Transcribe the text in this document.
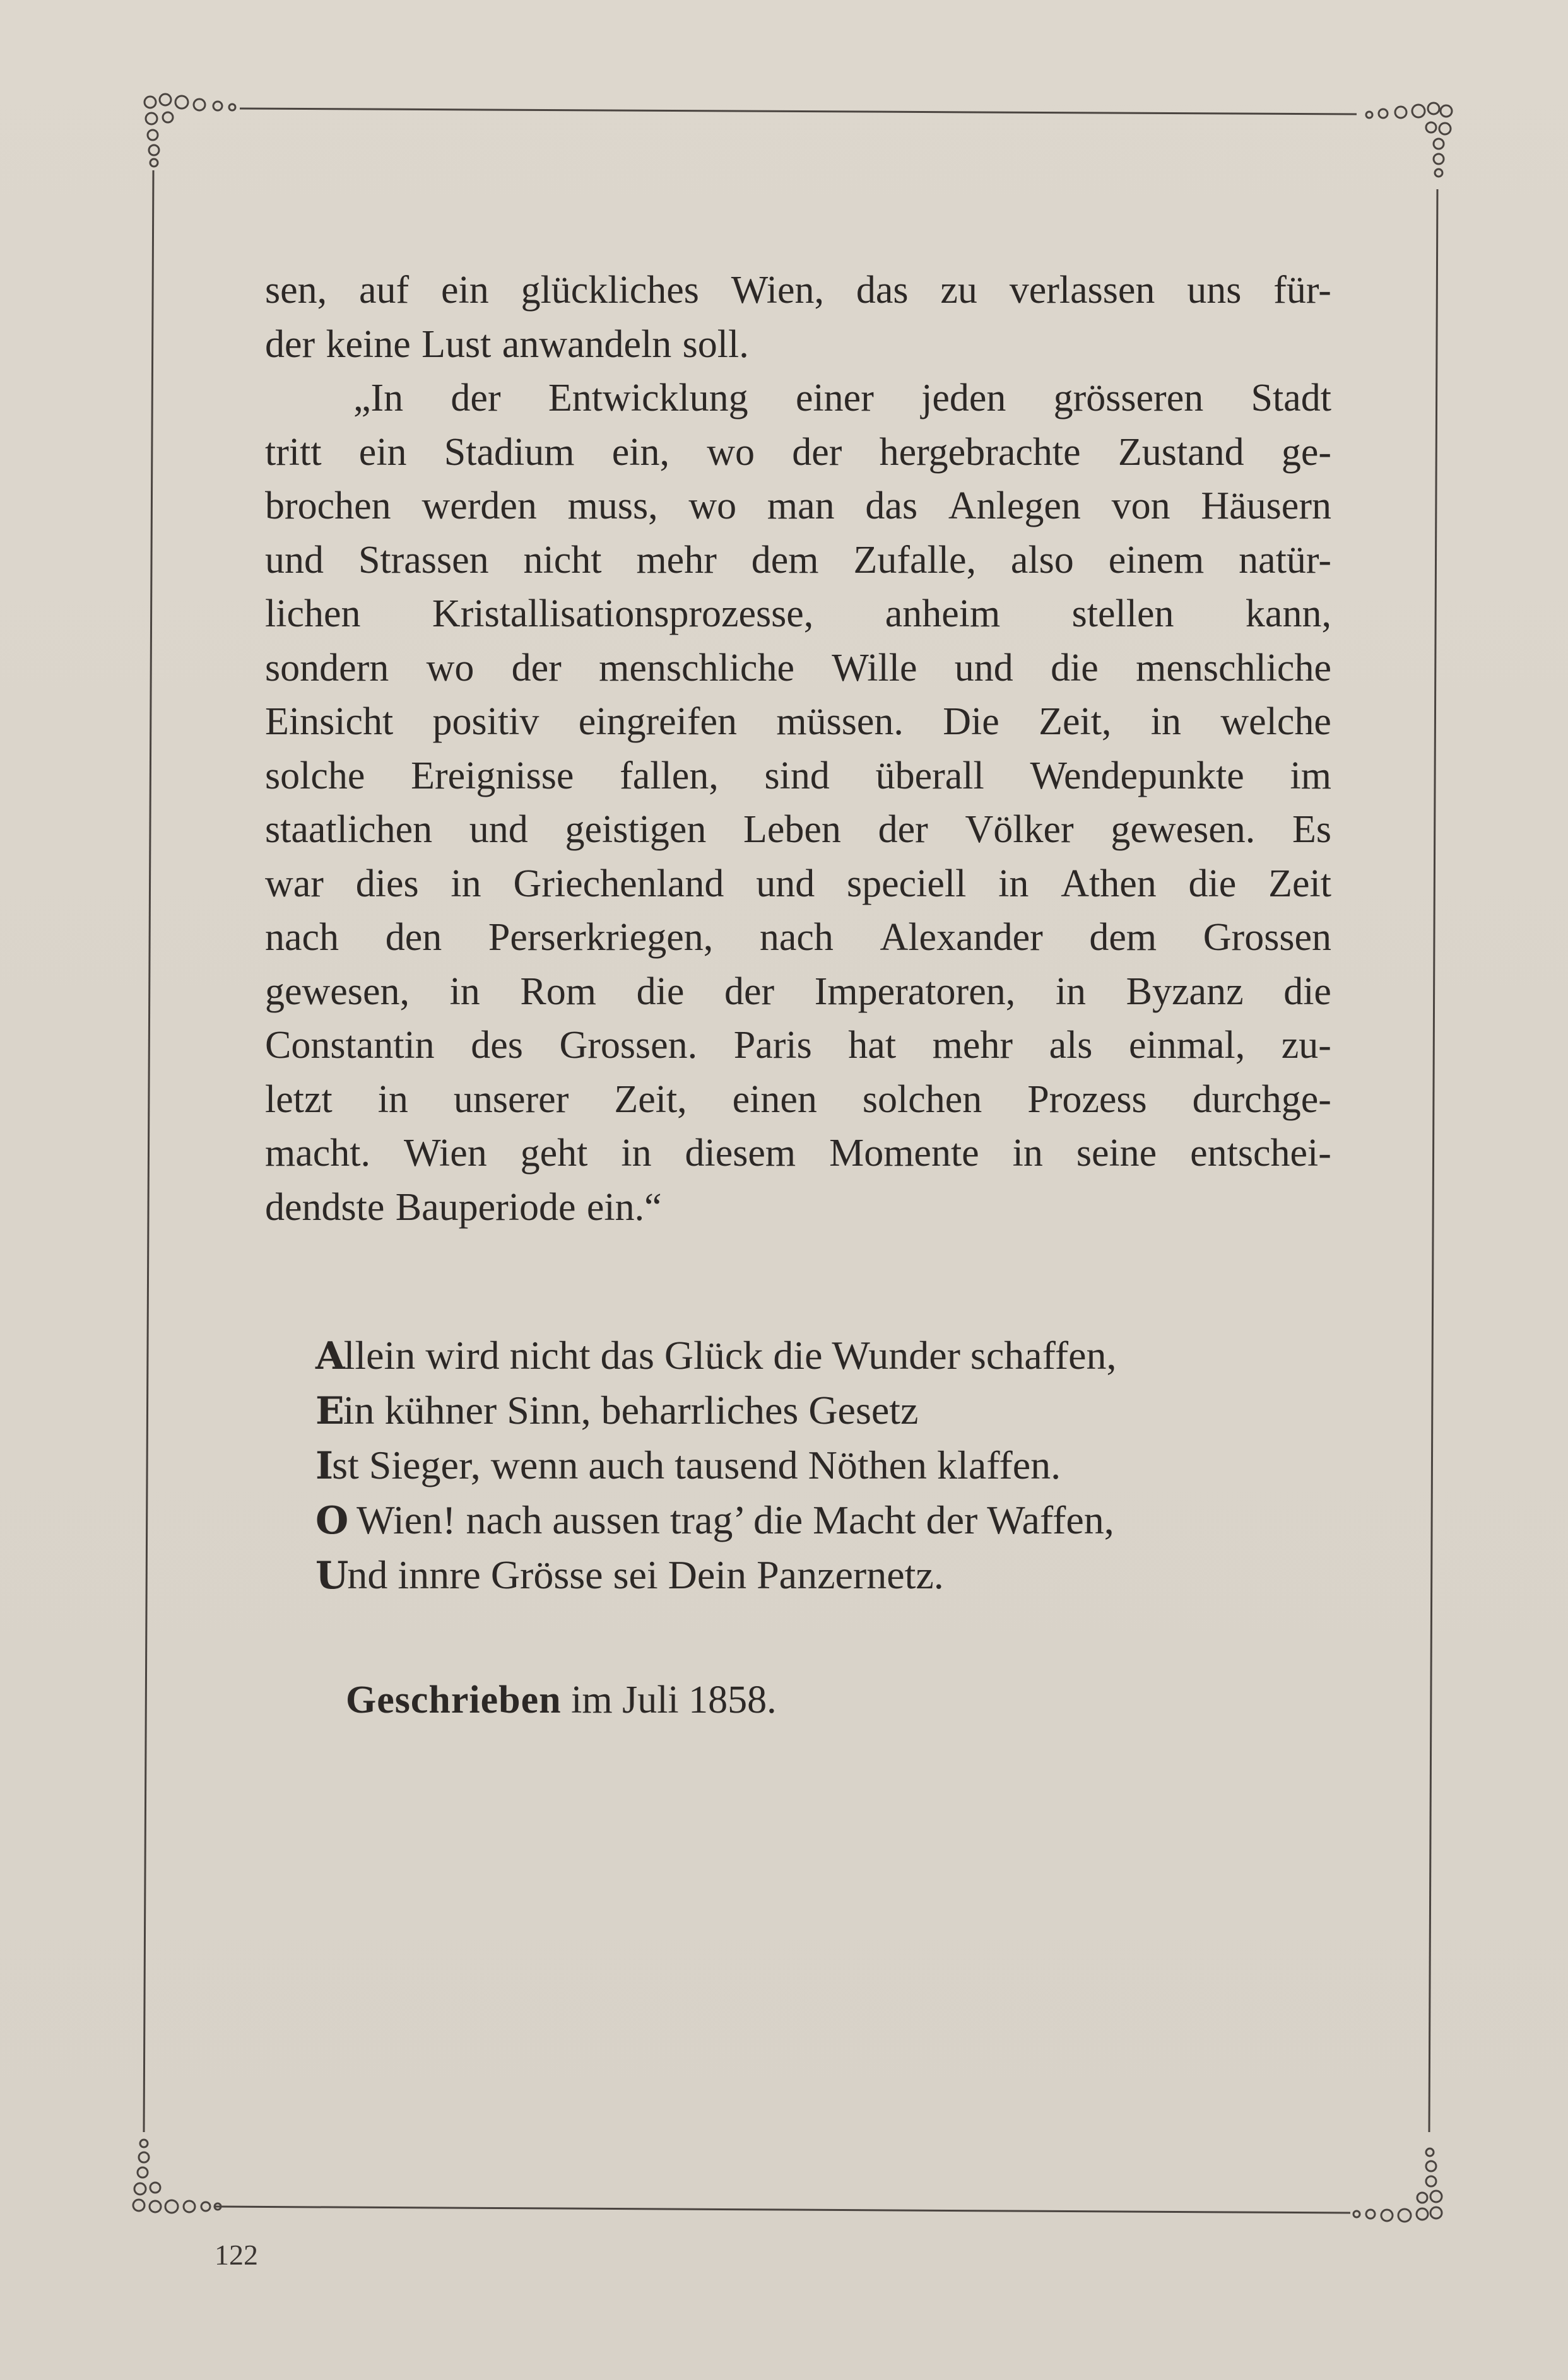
sen, auf ein glückliches Wien, das zu verlassen uns für-
der keine Lust anwandeln soll.
„In der Entwicklung einer jeden grösseren Stadt
tritt ein Stadium ein, wo der hergebrachte Zustand ge-
brochen werden muss, wo man das Anlegen von Häusern
und Strassen nicht mehr dem Zufalle, also einem natür-
lichen Kristallisationsprozesse, anheim stellen kann,
sondern wo der menschliche Wille und die menschliche
Einsicht positiv eingreifen müssen. Die Zeit, in welche
solche Ereignisse fallen, sind überall Wendepunkte im
staatlichen und geistigen Leben der Völker gewesen. Es
war dies in Griechenland und speciell in Athen die Zeit
nach den Perserkriegen, nach Alexander dem Grossen
gewesen, in Rom die der Imperatoren, in Byzanz die
Constantin des Grossen. Paris hat mehr als einmal, zu-
letzt in unserer Zeit, einen solchen Prozess durchge-
macht. Wien geht in diesem Momente in seine entschei-
dendste Bauperiode ein.“
Allein wird nicht das Glück die Wunder schaffen,
Ein kühner Sinn, beharrliches Gesetz
Ist Sieger, wenn auch tausend Nöthen klaffen.
O Wien! nach aussen trag’ die Macht der Waffen,
Und innre Grösse sei Dein Panzernetz.
Geschrieben im Juli 1858.
122
